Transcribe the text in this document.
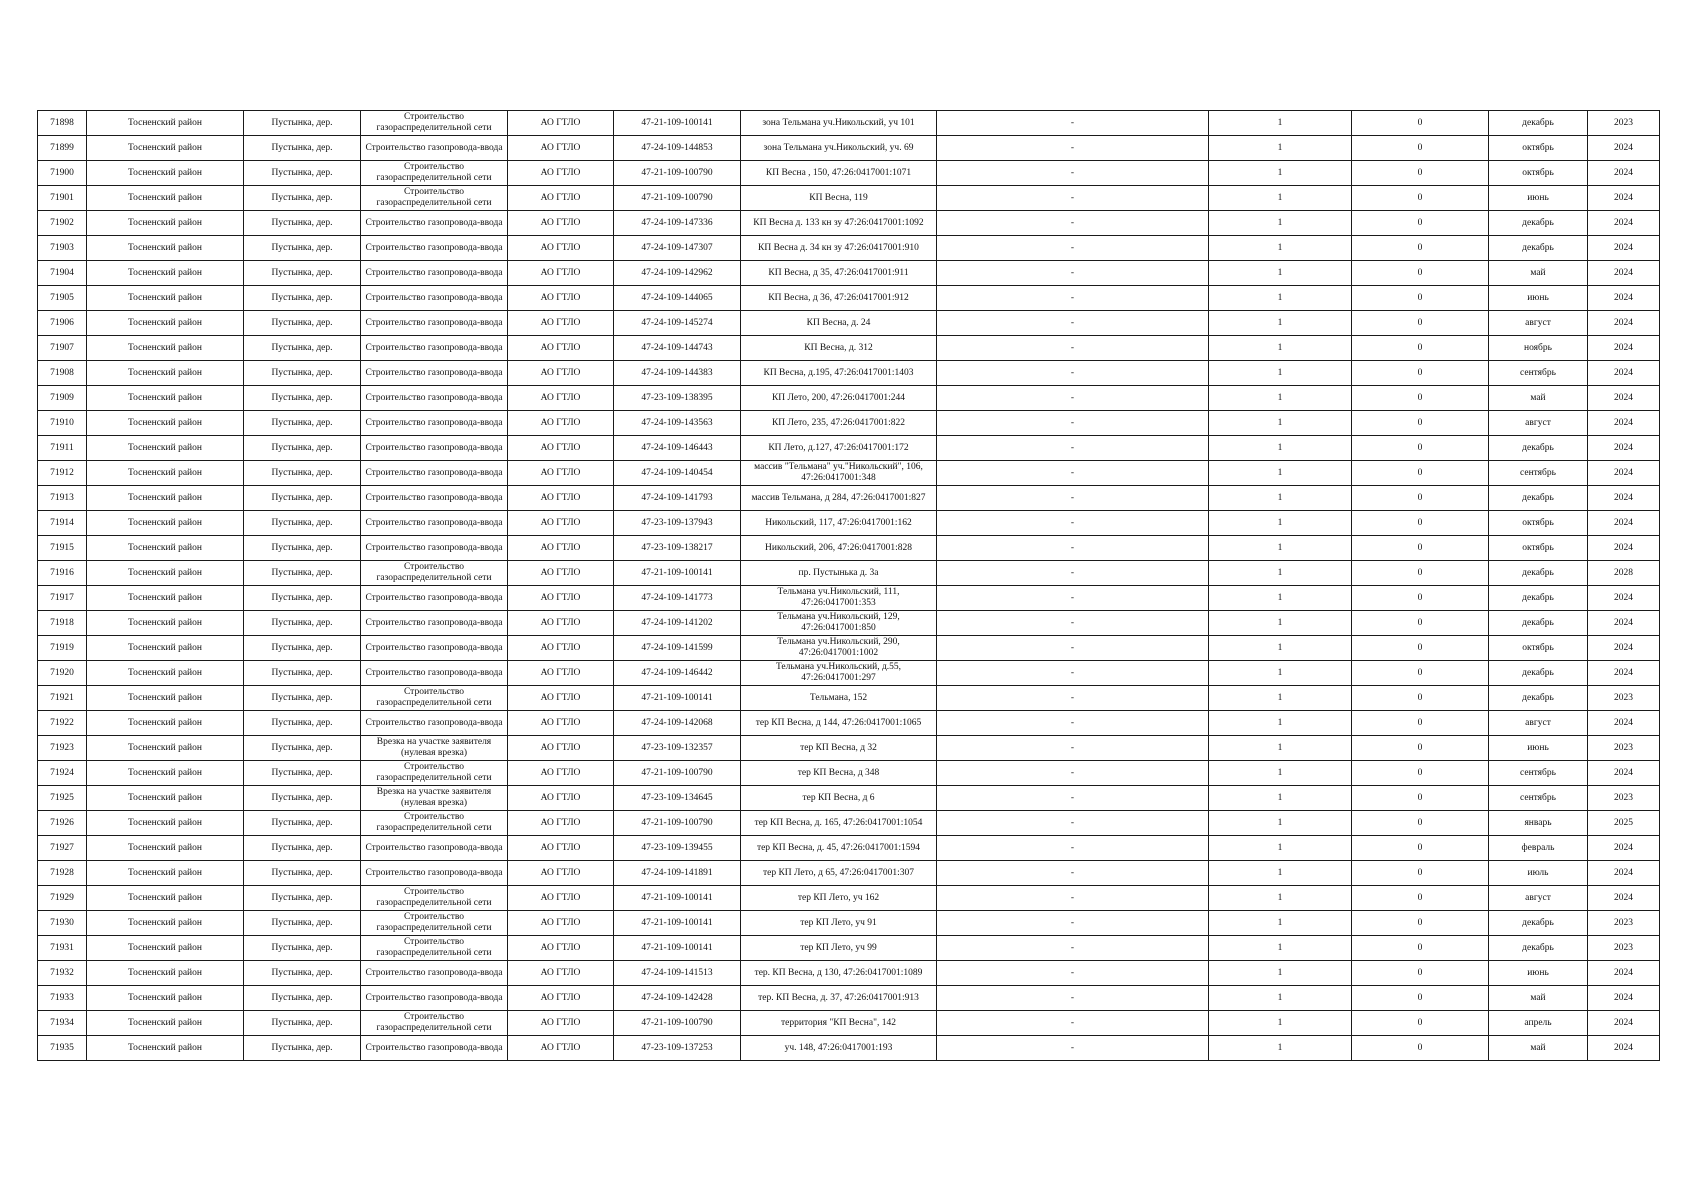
71898	Тосненский район	Пустынка, дер.	Строительство газораспределительной сети	АО ГТЛО	47-21-109-100141	зона Тельмана уч.Никольский, уч 101	-	1	0	декабрь	2023
71899	Тосненский район	Пустынка, дер.	Строительство газопровода-ввода	АО ГТЛО	47-24-109-144853	зона Тельмана уч.Никольский, уч. 69	-	1	0	октябрь	2024
71900	Тосненский район	Пустынка, дер.	Строительство газораспределительной сети	АО ГТЛО	47-21-109-100790	КП Весна , 150, 47:26:0417001:1071	-	1	0	октябрь	2024
71901	Тосненский район	Пустынка, дер.	Строительство газораспределительной сети	АО ГТЛО	47-21-109-100790	КП Весна, 119	-	1	0	июнь	2024
71902	Тосненский район	Пустынка, дер.	Строительство газопровода-ввода	АО ГТЛО	47-24-109-147336	КП Весна д. 133 кн зу 47:26:0417001:1092	-	1	0	декабрь	2024
71903	Тосненский район	Пустынка, дер.	Строительство газопровода-ввода	АО ГТЛО	47-24-109-147307	КП Весна д. 34 кн зу 47:26:0417001:910	-	1	0	декабрь	2024
71904	Тосненский район	Пустынка, дер.	Строительство газопровода-ввода	АО ГТЛО	47-24-109-142962	КП Весна, д 35, 47:26:0417001:911	-	1	0	май	2024
71905	Тосненский район	Пустынка, дер.	Строительство газопровода-ввода	АО ГТЛО	47-24-109-144065	КП Весна, д 36, 47:26:0417001:912	-	1	0	июнь	2024
71906	Тосненский район	Пустынка, дер.	Строительство газопровода-ввода	АО ГТЛО	47-24-109-145274	КП Весна, д. 24	-	1	0	август	2024
71907	Тосненский район	Пустынка, дер.	Строительство газопровода-ввода	АО ГТЛО	47-24-109-144743	КП Весна, д. 312	-	1	0	ноябрь	2024
71908	Тосненский район	Пустынка, дер.	Строительство газопровода-ввода	АО ГТЛО	47-24-109-144383	КП Весна, д.195, 47:26:0417001:1403	-	1	0	сентябрь	2024
71909	Тосненский район	Пустынка, дер.	Строительство газопровода-ввода	АО ГТЛО	47-23-109-138395	КП Лето, 200, 47:26:0417001:244	-	1	0	май	2024
71910	Тосненский район	Пустынка, дер.	Строительство газопровода-ввода	АО ГТЛО	47-24-109-143563	КП Лето, 235, 47:26:0417001:822	-	1	0	август	2024
71911	Тосненский район	Пустынка, дер.	Строительство газопровода-ввода	АО ГТЛО	47-24-109-146443	КП Лето, д.127, 47:26:0417001:172	-	1	0	декабрь	2024
71912	Тосненский район	Пустынка, дер.	Строительство газопровода-ввода	АО ГТЛО	47-24-109-140454	массив "Тельмана" уч."Никольский", 106, 47:26:0417001:348	-	1	0	сентябрь	2024
71913	Тосненский район	Пустынка, дер.	Строительство газопровода-ввода	АО ГТЛО	47-24-109-141793	массив Тельмана, д 284, 47:26:0417001:827	-	1	0	декабрь	2024
71914	Тосненский район	Пустынка, дер.	Строительство газопровода-ввода	АО ГТЛО	47-23-109-137943	Никольский, 117, 47:26:0417001:162	-	1	0	октябрь	2024
71915	Тосненский район	Пустынка, дер.	Строительство газопровода-ввода	АО ГТЛО	47-23-109-138217	Никольский, 206, 47:26:0417001:828	-	1	0	октябрь	2024
71916	Тосненский район	Пустынка, дер.	Строительство газораспределительной сети	АО ГТЛО	47-21-109-100141	пр. Пустынька д. 3а	-	1	0	декабрь	2028
71917	Тосненский район	Пустынка, дер.	Строительство газопровода-ввода	АО ГТЛО	47-24-109-141773	Тельмана уч.Никольский, 111, 47:26:0417001:353	-	1	0	декабрь	2024
71918	Тосненский район	Пустынка, дер.	Строительство газопровода-ввода	АО ГТЛО	47-24-109-141202	Тельмана уч.Никольский, 129, 47:26:0417001:850	-	1	0	декабрь	2024
71919	Тосненский район	Пустынка, дер.	Строительство газопровода-ввода	АО ГТЛО	47-24-109-141599	Тельмана уч.Никольский, 290, 47:26:0417001:1002	-	1	0	октябрь	2024
71920	Тосненский район	Пустынка, дер.	Строительство газопровода-ввода	АО ГТЛО	47-24-109-146442	Тельмана уч.Никольский, д.55, 47:26:0417001:297	-	1	0	декабрь	2024
71921	Тосненский район	Пустынка, дер.	Строительство газораспределительной сети	АО ГТЛО	47-21-109-100141	Тельмана, 152	-	1	0	декабрь	2023
71922	Тосненский район	Пустынка, дер.	Строительство газопровода-ввода	АО ГТЛО	47-24-109-142068	тер КП Весна, д 144, 47:26:0417001:1065	-	1	0	август	2024
71923	Тосненский район	Пустынка, дер.	Врезка на участке заявителя (нулевая врезка)	АО ГТЛО	47-23-109-132357	тер КП Весна, д 32	-	1	0	июнь	2023
71924	Тосненский район	Пустынка, дер.	Строительство газораспределительной сети	АО ГТЛО	47-21-109-100790	тер КП Весна, д 348	-	1	0	сентябрь	2024
71925	Тосненский район	Пустынка, дер.	Врезка на участке заявителя (нулевая врезка)	АО ГТЛО	47-23-109-134645	тер КП Весна, д 6	-	1	0	сентябрь	2023
71926	Тосненский район	Пустынка, дер.	Строительство газораспределительной сети	АО ГТЛО	47-21-109-100790	тер КП Весна, д. 165, 47:26:0417001:1054	-	1	0	январь	2025
71927	Тосненский район	Пустынка, дер.	Строительство газопровода-ввода	АО ГТЛО	47-23-109-139455	тер КП Весна, д. 45, 47:26:0417001:1594	-	1	0	февраль	2024
71928	Тосненский район	Пустынка, дер.	Строительство газопровода-ввода	АО ГТЛО	47-24-109-141891	тер КП Лето, д 65, 47:26:0417001:307	-	1	0	июль	2024
71929	Тосненский район	Пустынка, дер.	Строительство газораспределительной сети	АО ГТЛО	47-21-109-100141	тер КП Лето, уч 162	-	1	0	август	2024
71930	Тосненский район	Пустынка, дер.	Строительство газораспределительной сети	АО ГТЛО	47-21-109-100141	тер КП Лето, уч 91	-	1	0	декабрь	2023
71931	Тосненский район	Пустынка, дер.	Строительство газораспределительной сети	АО ГТЛО	47-21-109-100141	тер КП Лето, уч 99	-	1	0	декабрь	2023
71932	Тосненский район	Пустынка, дер.	Строительство газопровода-ввода	АО ГТЛО	47-24-109-141513	тер. КП Весна, д 130, 47:26:0417001:1089	-	1	0	июнь	2024
71933	Тосненский район	Пустынка, дер.	Строительство газопровода-ввода	АО ГТЛО	47-24-109-142428	тер. КП Весна, д. 37, 47:26:0417001:913	-	1	0	май	2024
71934	Тосненский район	Пустынка, дер.	Строительство газораспределительной сети	АО ГТЛО	47-21-109-100790	территория "КП Весна", 142	-	1	0	апрель	2024
71935	Тосненский район	Пустынка, дер.	Строительство газопровода-ввода	АО ГТЛО	47-23-109-137253	уч. 148, 47:26:0417001:193	-	1	0	май	2024
